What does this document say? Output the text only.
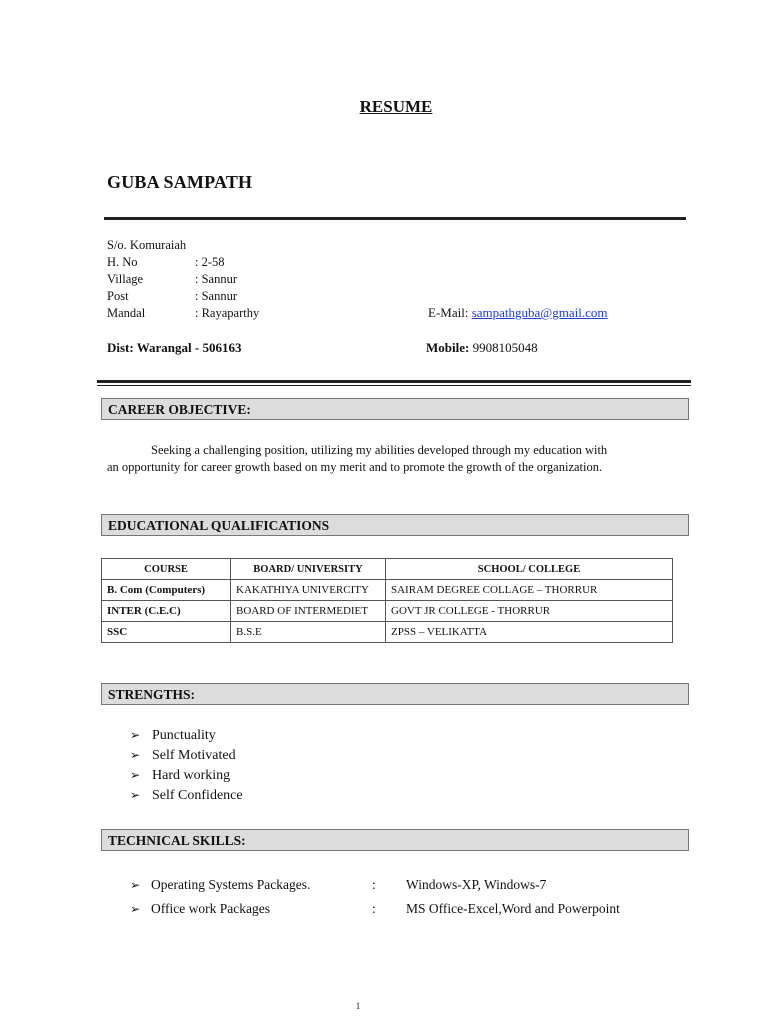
RESUME
GUBA SAMPATH
S/o. Komuraiah
H. No	: 2-58
Village	: Sannur
Post	: Sannur
Mandal	: Rayaparthy	E-Mail: sampathguba@gmail.com
Dist: Warangal - 506163	Mobile: 9908105048
CAREER OBJECTIVE:
Seeking a challenging position, utilizing my abilities developed through my education with
an opportunity for career growth based on my merit and to promote the growth of the organization.
EDUCATIONAL QUALIFICATIONS
COURSE	BOARD/ UNIVERSITY	SCHOOL/ COLLEGE
B. Com (Computers)	KAKATHIYA UNIVERCITY	SAIRAM DEGREE COLLAGE – THORRUR
INTER (C.E.C)	BOARD OF INTERMEDIET	GOVT JR COLLEGE - THORRUR
SSC	B.S.E	ZPSS – VELIKATTA
STRENGTHS:
➢ Punctuality
➢ Self Motivated
➢ Hard working
➢ Self Confidence
TECHNICAL SKILLS:
➢ Operating Systems Packages.	: Windows-XP, Windows-7
➢ Office work Packages	: MS Office-Excel,Word and Powerpoint
1
